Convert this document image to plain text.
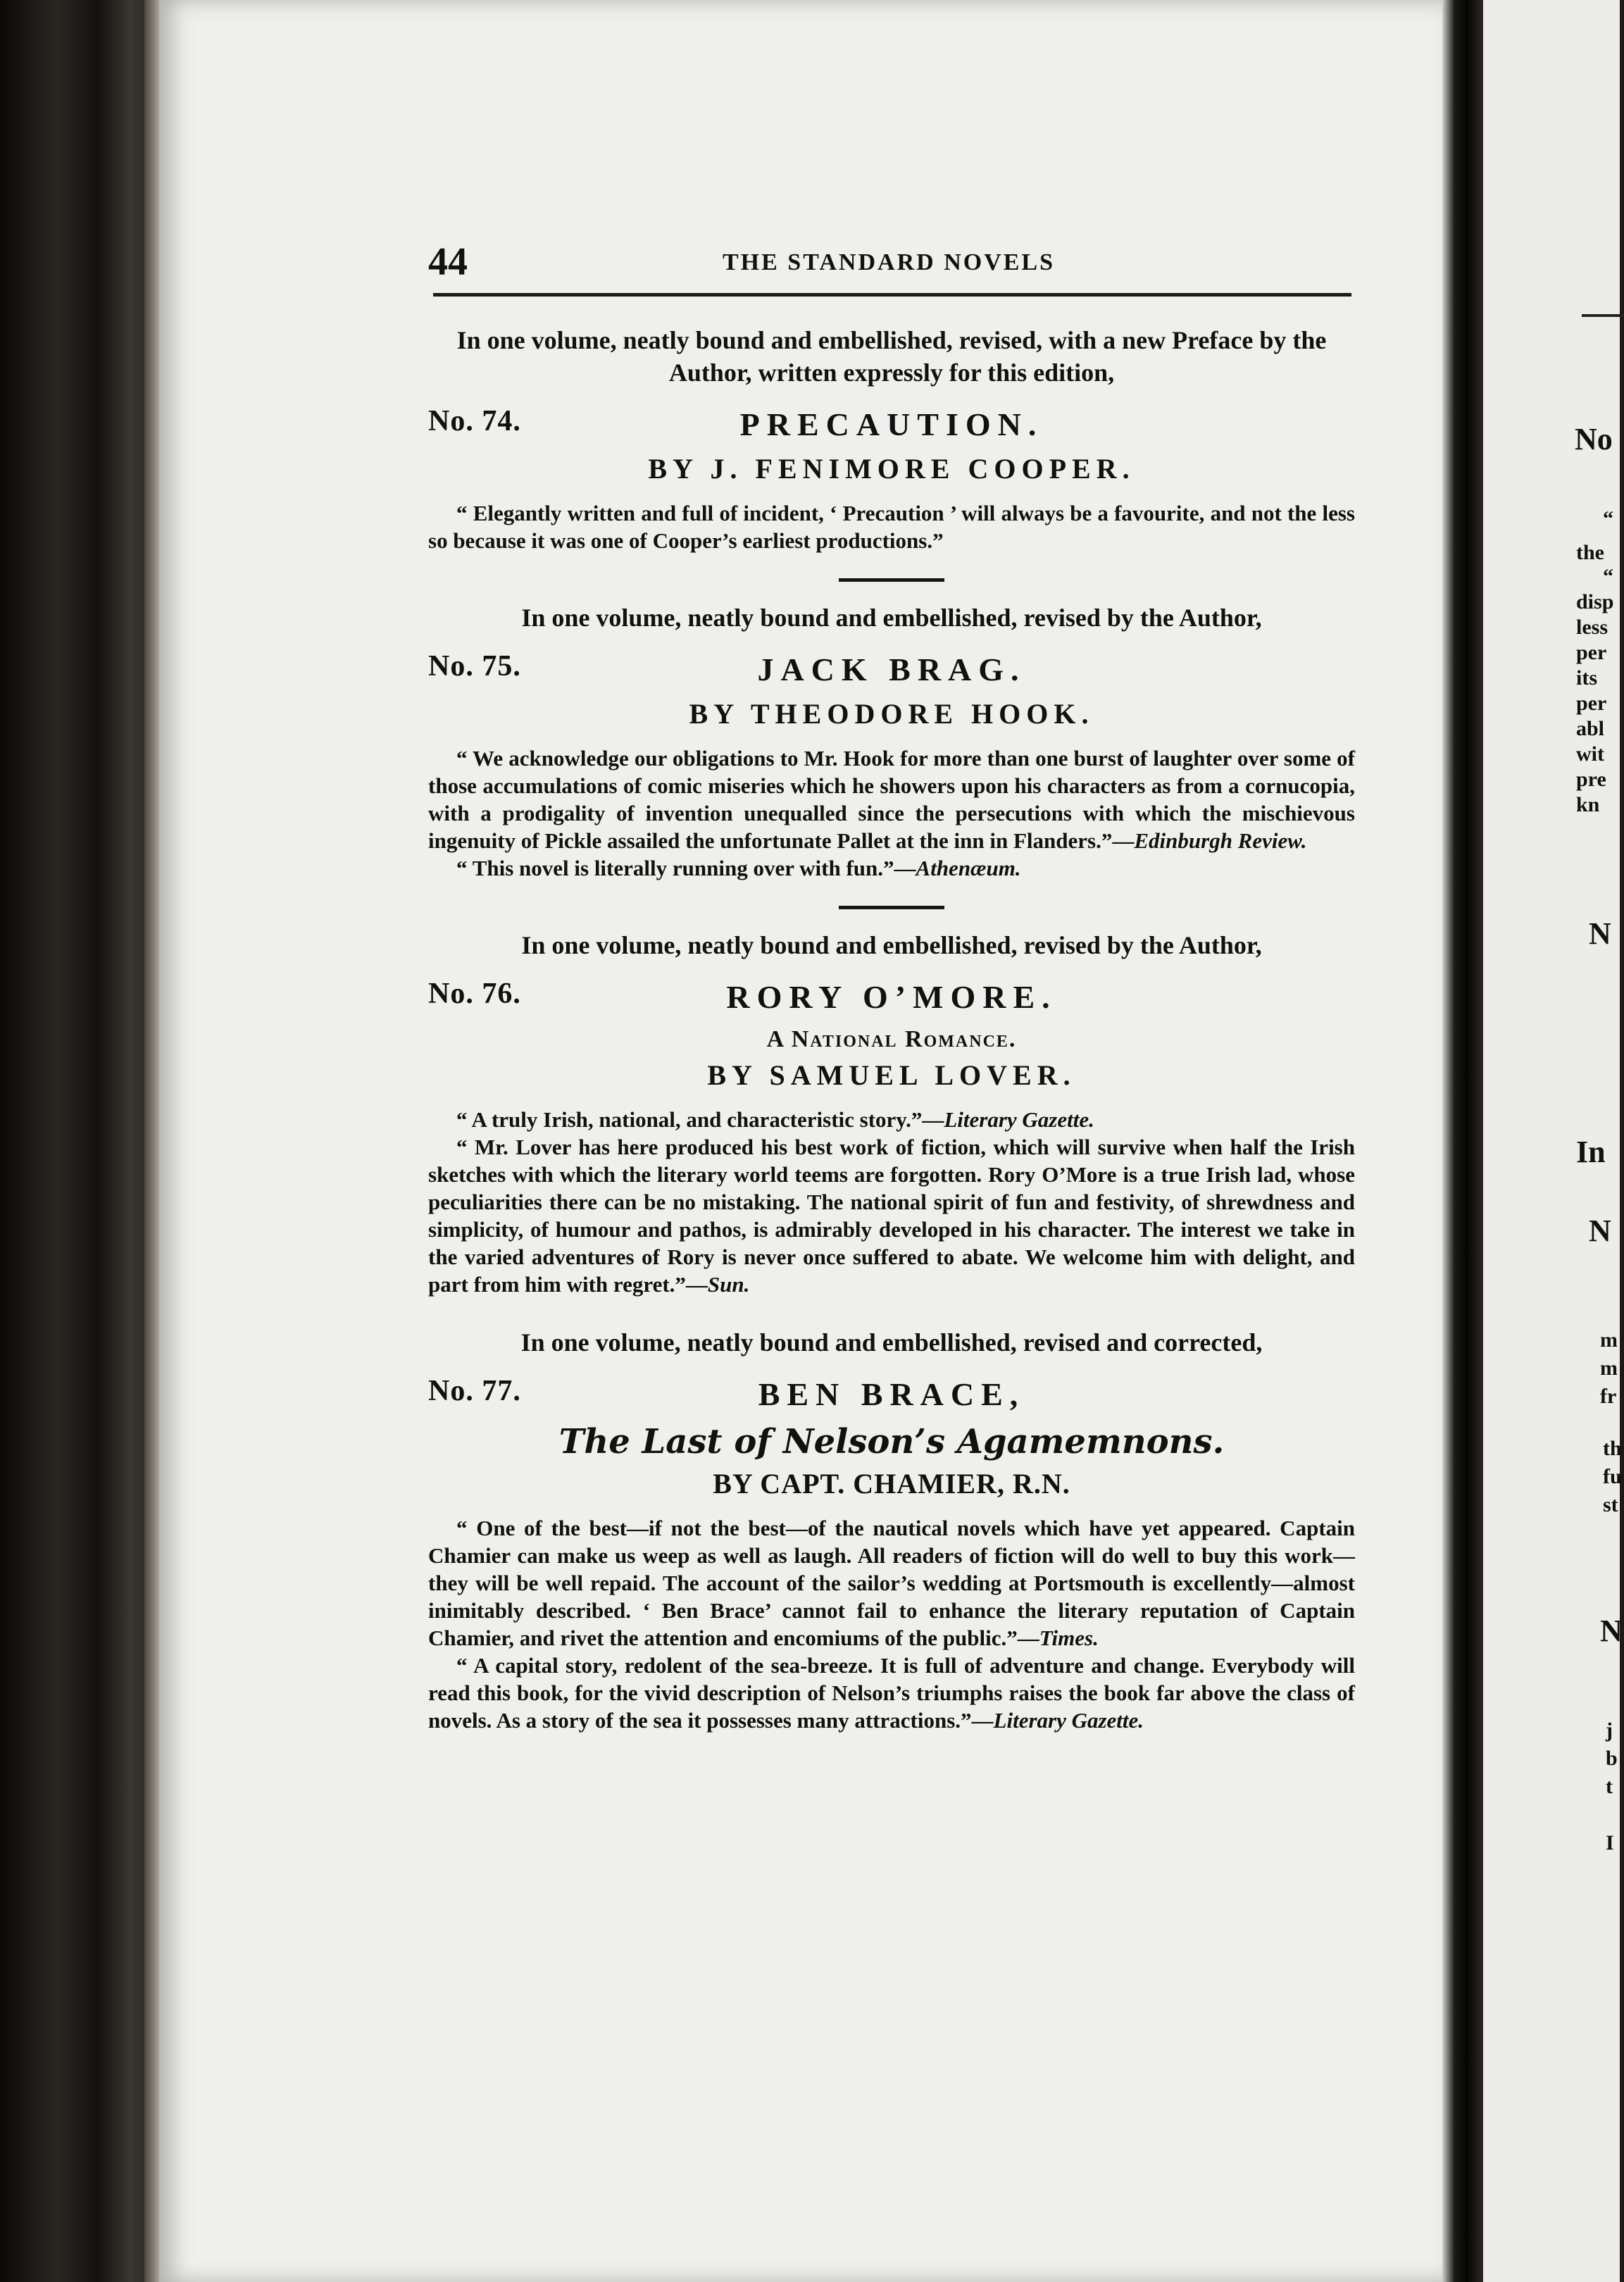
44	THE STANDARD NOVELS

In one volume, neatly bound and embellished, revised, with a new Preface by the Author, written expressly for this edition,

No. 74.	PRECAUTION.
BY J. FENIMORE COOPER.

“ Elegantly written and full of incident, ‘ Precaution ’ will always be a favourite, and not the less so because it was one of Cooper’s earliest productions.”

In one volume, neatly bound and embellished, revised by the Author,

No. 75.	JACK BRAG.
BY THEODORE HOOK.

“ We acknowledge our obligations to Mr. Hook for more than one burst of laughter over some of those accumulations of comic miseries which he showers upon his characters as from a cornucopia, with a prodigality of invention unequalled since the persecutions with which the mischievous ingenuity of Pickle assailed the unfortunate Pallet at the inn in Flanders.”—Edinburgh Review.

“ This novel is literally running over with fun.”—Athenæum.

In one volume, neatly bound and embellished, revised by the Author,

No. 76.	RORY O’MORE.
A National Romance.
BY SAMUEL LOVER.

“ A truly Irish, national, and characteristic story.”—Literary Gazette.

“ Mr. Lover has here produced his best work of fiction, which will survive when half the Irish sketches with which the literary world teems are forgotten. Rory O’More is a true Irish lad, whose peculiarities there can be no mistaking. The national spirit of fun and festivity, of shrewdness and simplicity, of humour and pathos, is admirably developed in his character. The interest we take in the varied adventures of Rory is never once suffered to abate. We welcome him with delight, and part from him with regret.”—Sun.

In one volume, neatly bound and embellished, revised and corrected,

No. 77.	BEN BRACE,
The Last of Nelson’s Agamemnons.
BY CAPT. CHAMIER, R.N.

“ One of the best—if not the best—of the nautical novels which have yet appeared. Captain Chamier can make us weep as well as laugh. All readers of fiction will do well to buy this work—they will be well repaid. The account of the sailor’s wedding at Portsmouth is excellently—almost inimitably described. ‘ Ben Brace’ cannot fail to enhance the literary reputation of Captain Chamier, and rivet the attention and encomiums of the public.”—Times.

“ A capital story, redolent of the sea-breeze. It is full of adventure and change. Everybody will read this book, for the vivid description of Nelson’s triumphs raises the book far above the class of novels. As a story of the sea it possesses many attractions.”—Literary Gazette.

No
“
the
“
disp
less
per
its
per
abl
wit
pre
kn
N
In
N
m
m
fr
th
fu
st
N
j
b
t
I
